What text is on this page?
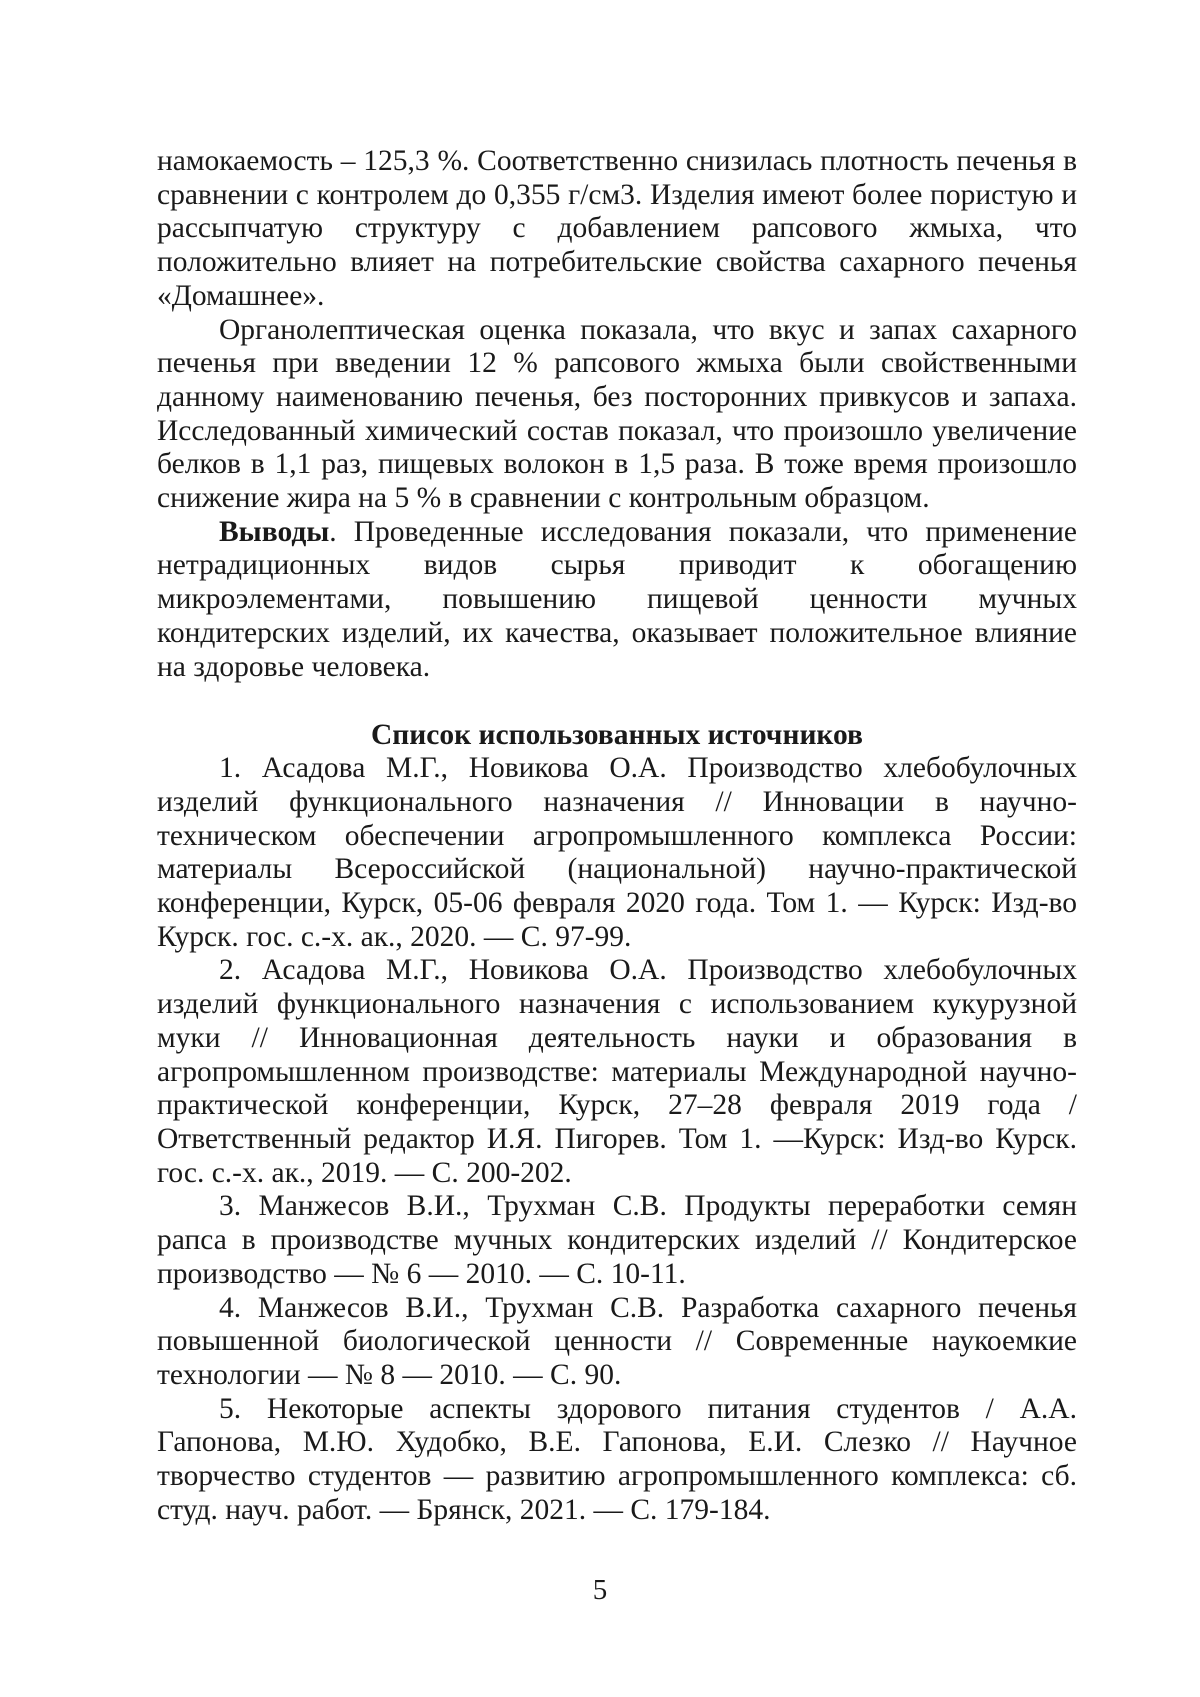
намокаемость – 125,3 %. Соответственно снизилась плотность печенья в сравнении с контролем до 0,355 г/см3. Изделия имеют более пористую и рассыпчатую структуру с добавлением рапсового жмыха, что положительно влияет на потребительские свойства сахарного печенья «Домашнее».

Органолептическая оценка показала, что вкус и запах сахарного печенья при введении 12 % рапсового жмыха были свойственными данному наименованию печенья, без посторонних привкусов и запаха. Исследованный химический состав показал, что произошло увеличение белков в 1,1 раз, пищевых волокон в 1,5 раза. В тоже время произошло снижение жира на 5 % в сравнении с контрольным образцом.

Выводы. Проведенные исследования показали, что применение нетрадиционных видов сырья приводит к обогащению микроэлементами, повышению пищевой ценности мучных кондитерских изделий, их качества, оказывает положительное влияние на здоровье человека.

Список использованных источников

1. Асадова М.Г., Новикова О.А. Производство хлебобулочных изделий функционального назначения // Инновации в научно-техническом обеспечении агропромышленного комплекса России: материалы Всероссийской (национальной) научно-практической конференции, Курск, 05-06 февраля 2020 года. Том 1. — Курск: Изд-во Курск. гос. с.-х. ак., 2020. — С. 97-99.

2. Асадова М.Г., Новикова О.А. Производство хлебобулочных изделий функционального назначения с использованием кукурузной муки // Инновационная деятельность науки и образования в агропромышленном производстве: материалы Международной научно-практической конференции, Курск, 27–28 февраля 2019 года / Ответственный редактор И.Я. Пигорев. Том 1. —Курск: Изд-во Курск. гос. с.-х. ак., 2019. — С. 200-202.

3. Манжесов В.И., Трухман С.В. Продукты переработки семян рапса в производстве мучных кондитерских изделий // Кондитерское производство — № 6 — 2010. — С. 10-11.

4. Манжесов В.И., Трухман С.В. Разработка сахарного печенья повышенной биологической ценности // Современные наукоемкие технологии — № 8 — 2010. — С. 90.

5. Некоторые аспекты здорового питания студентов / А.А. Гапонова, М.Ю. Худобко, В.Е. Гапонова, Е.И. Слезко // Научное творчество студентов — развитию агропромышленного комплекса: сб. студ. науч. работ. — Брянск, 2021. — С. 179-184.

5
